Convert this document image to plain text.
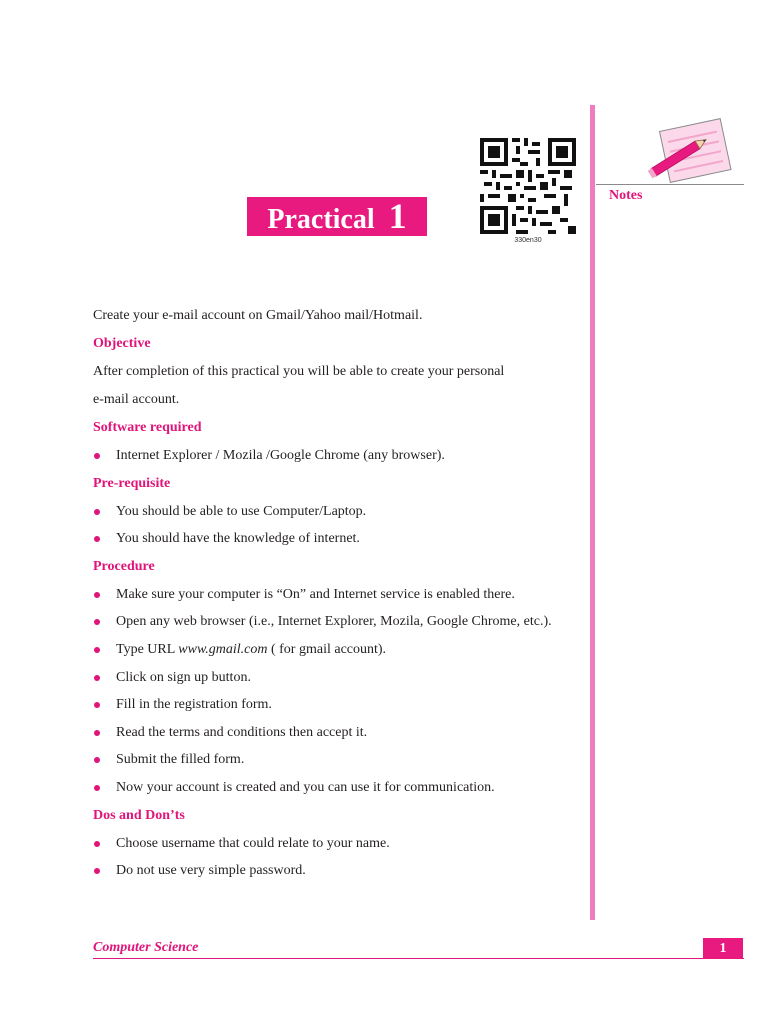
Notes
Practical 1
330en30

Create your e-mail account on Gmail/Yahoo mail/Hotmail.

Objective

After completion of this practical you will be able to create your personal

e-mail account.

Software required

Internet Explorer / Mozila /Google Chrome (any browser).

Pre-requisite

You should be able to use Computer/Laptop.
You should have the knowledge of internet.

Procedure

Make sure your computer is “On” and Internet service is enabled there.
Open any web browser (i.e., Internet Explorer, Mozila, Google Chrome, etc.).
Type URL www.gmail.com ( for gmail account).
Click on sign up button.
Fill in the registration form.
Read the terms and conditions then accept it.
Submit the filled form.
Now your account is created and you can use it for communication.

Dos and Don’ts

Choose username that could relate to your name.
Do not use very simple password.
Computer Science	1
